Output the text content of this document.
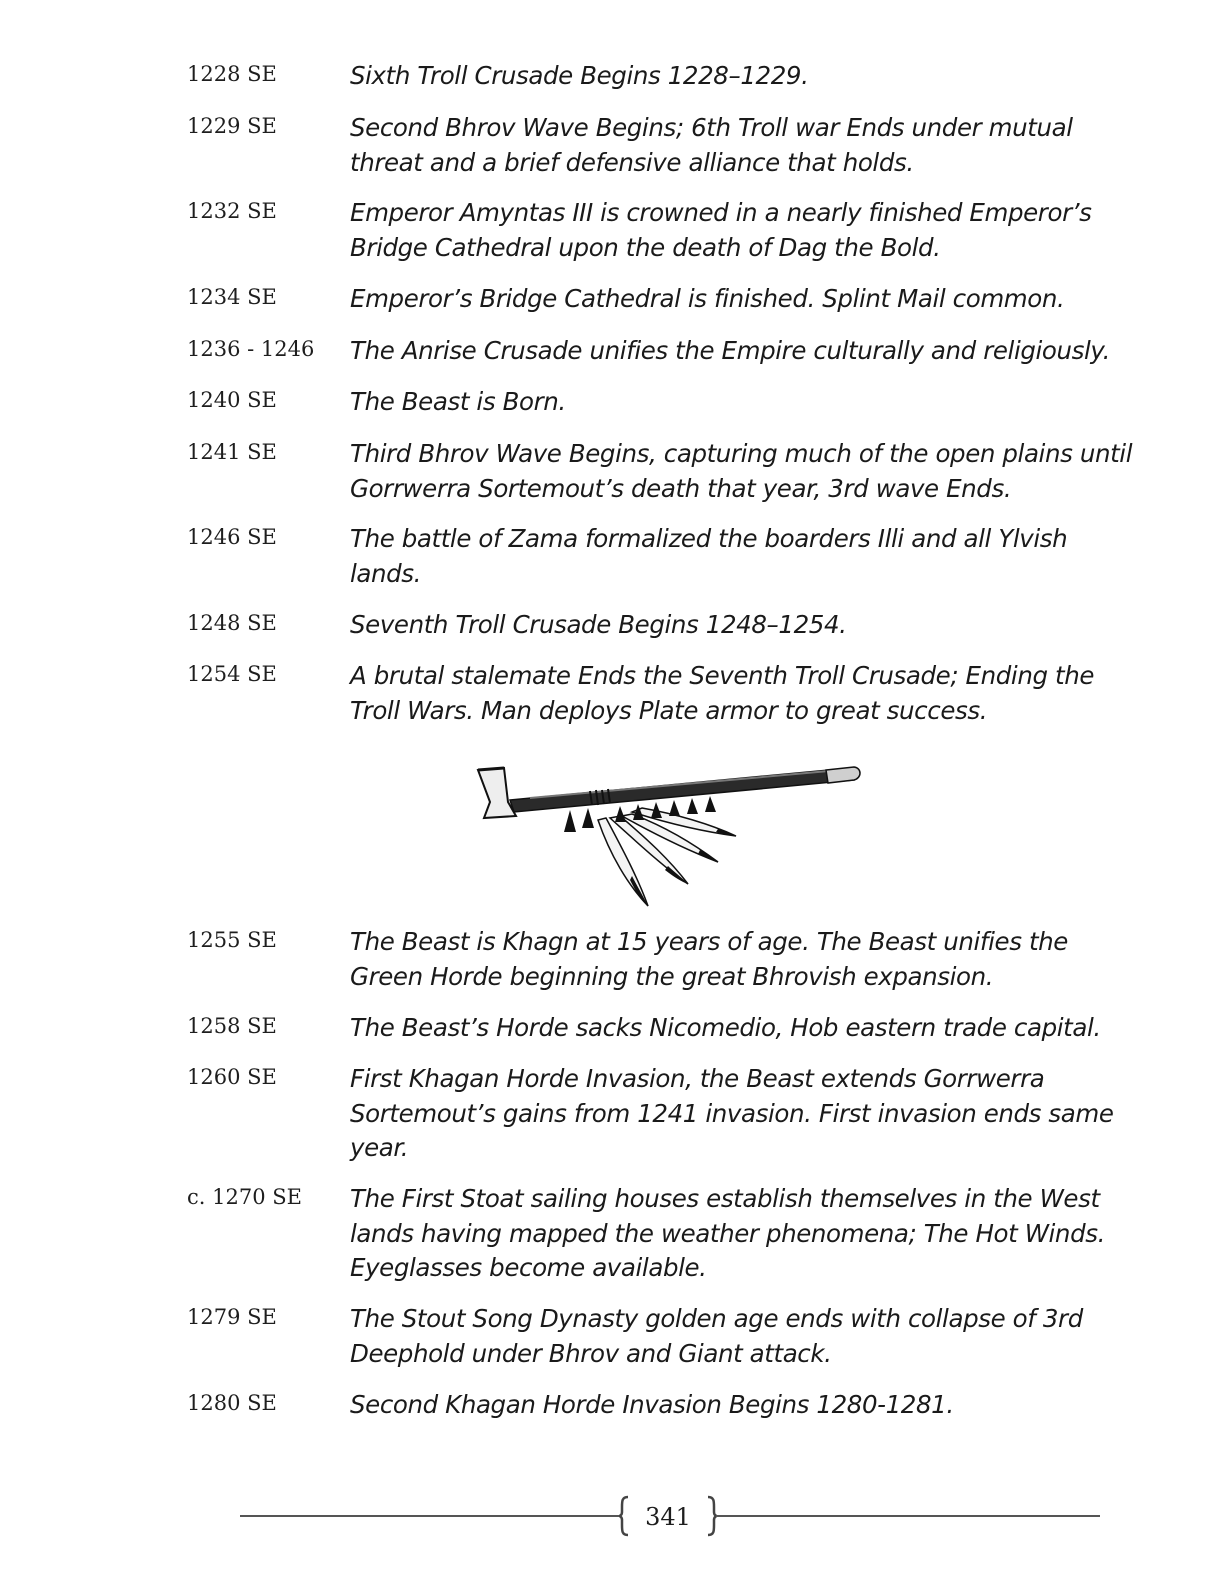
1228 SE	Sixth Troll Crusade Begins 1228–1229.
1229 SE	Second Bhrov Wave Begins; 6th Troll war Ends under mutual threat and a brief defensive alliance that holds.
1232 SE	Emperor Amyntas III is crowned in a nearly finished Emperor’s Bridge Cathedral upon the death of Dag the Bold.
1234 SE	Emperor’s Bridge Cathedral is finished. Splint Mail common.
1236 - 1246 The Anrise Crusade unifies the Empire culturally and religiously.
1240 SE	The Beast is Born.
1241 SE	Third Bhrov Wave Begins, capturing much of the open plains until Gorrwerra Sortemout’s death that year, 3rd wave Ends.
1246 SE	The battle of Zama formalized the boarders Illi and all Ylvish lands.
1248 SE	Seventh Troll Crusade Begins 1248–1254.
1254 SE	A brutal stalemate Ends the Seventh Troll Crusade; Ending the Troll Wars. Man deploys Plate armor to great success.
1255 SE	The Beast is Khagn at 15 years of age. The Beast unifies the Green Horde beginning the great Bhrovish expansion.
1258 SE	The Beast’s Horde sacks Nicomedio, Hob eastern trade capital.
1260 SE	First Khagan Horde Invasion, the Beast extends Gorrwerra Sortemout’s gains from 1241 invasion. First invasion ends same year.
c. 1270 SE The First Stoat sailing houses establish themselves in the West lands having mapped the weather phenomena; The Hot Winds. Eyeglasses become available.
1279 SE	The Stout Song Dynasty golden age ends with collapse of 3rd Deephold under Bhrov and Giant attack.
1280 SE	Second Khagan Horde Invasion Begins 1280-1281.
341
